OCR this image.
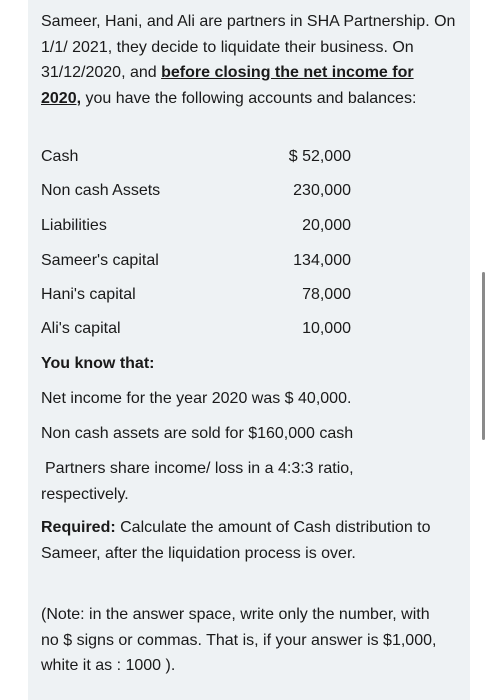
Sameer, Hani, and Ali are partners in SHA Partnership. On 1/1/ 2021, they decide to liquidate their business. On 31/12/2020, and before closing the net income for 2020, you have the following accounts and balances:

Cash	$ 52,000
Non cash Assets	230,000
Liabilities	20,000
Sameer's capital	134,000
Hani's capital	78,000
Ali's capital	10,000
You know that:
Net income for the year 2020 was $ 40,000.
Non cash assets are sold for $160,000 cash

Partners share income/ loss in a 4:3:3 ratio, respectively.

Required: Calculate the amount of Cash distribution to Sameer, after the liquidation process is over.

(Note: in the answer space, write only the number, with no $ signs or commas. That is, if your answer is $1,000, white it as : 1000 ).
